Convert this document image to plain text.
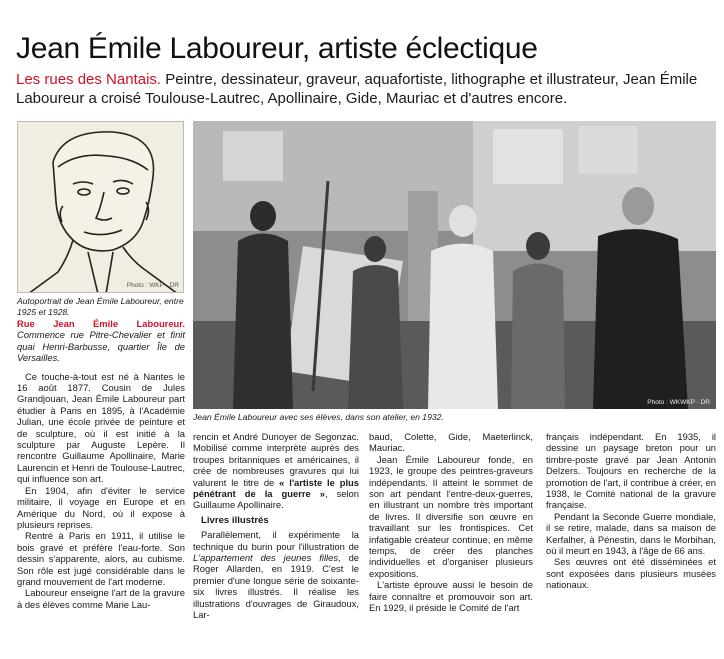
Jean Émile Laboureur, artiste éclectique
Les rues des Nantais. Peintre, dessinateur, graveur, aquafortiste, lithographe et illustrateur, Jean Émile Laboureur a croisé Toulouse-Lautrec, Apollinaire, Gide, Mauriac et d'autres encore.
Photo : WKP · DR
Autoportrait de Jean Émile Laboureur, entre 1925 et 1928.
Photo : WKWKP · DR
Jean Émile Laboureur avec ses élèves, dans son atelier, en 1932.

Rue Jean Émile Laboureur. Commence rue Pitre-Chevalier et finit quai Henri-Barbusse, quartier Île de Versailles.

Ce touche-à-tout est né à Nantes le 16 août 1877. Cousin de Jules Grandjouan, Jean Émile Laboureur part étudier à Paris en 1895, à l'Académie Julian, une école privée de peinture et de sculpture, où il est initié à la sculpture par Auguste Lepère. Il rencontre Guillaume Apollinaire, Marie Laurencin et Henri de Toulouse-Lautrec, qui influence son art.

En 1904, afin d'éviter le service militaire, il voyage en Europe et en Amérique du Nord, où il expose à plusieurs reprises.

Rentré à Paris en 1911, il utilise le bois gravé et préfère l'eau-forte. Son dessin s'apparente, alors, au cubisme. Son rôle est jugé considérable dans le grand mouvement de l'art moderne.

Laboureur enseigne l'art de la gravure à des élèves comme Marie Lau-

rencin et André Dunoyer de Segonzac. Mobilisé comme interprète auprès des troupes britanniques et américaines, il crée de nombreuses gravures qui lui valurent le titre de « l'artiste le plus pénétrant de la guerre », selon Guillaume Apollinaire.

Livres illustrés

Parallèlement, il expérimente la technique du burin pour l'illustration de L'appartement des jeunes filles, de Roger Allarden, en 1919. C'est le premier d'une longue série de soixante-six livres illustrés. Il réalise les illustrations d'ouvrages de Giraudoux, Lar-

baud, Colette, Gide, Maeterlinck, Mauriac.

Jean Émile Laboureur fonde, en 1923, le groupe des peintres-graveurs indépendants. Il atteint le sommet de son art pendant l'entre-deux-guerres, en illustrant un nombre très important de livres. Il diversifie son œuvre en travaillant sur les frontispices. Cet infatigable créateur continue, en même temps, de créer des planches individuelles et d'organiser plusieurs expositions.

L'artiste éprouve aussi le besoin de faire connaître et promouvoir son art. En 1929, il préside le Comité de l'art

français indépendant. En 1935, il dessine un paysage breton pour un timbre-poste gravé par Jean Antonin Delzers. Toujours en recherche de la promotion de l'art, il contribue à créer, en 1938, le Comité national de la gravure française.

Pendant la Seconde Guerre mondiale, il se retire, malade, dans sa maison de Kerfalher, à Pénestin, dans le Morbihan, où il meurt en 1943, à l'âge de 66 ans.

Ses œuvres ont été disséminées et sont exposées dans plusieurs musées nationaux.
